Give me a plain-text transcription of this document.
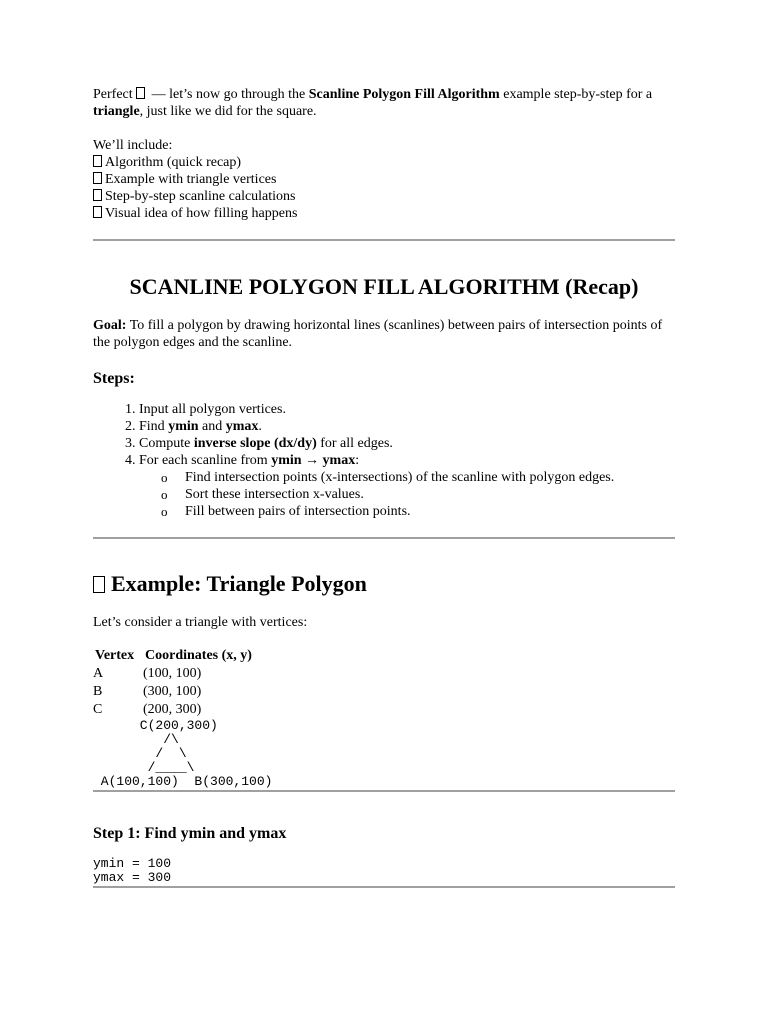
Perfect  — let’s now go through the Scanline Polygon Fill Algorithm example step-by-step for a triangle, just like we did for the square.

We’ll include:

Algorithm (quick recap)
Example with triangle vertices
Step-by-step scanline calculations
Visual idea of how filling happens
SCANLINE POLYGON FILL ALGORITHM (Recap)

Goal: To fill a polygon by drawing horizontal lines (scanlines) between pairs of intersection points of the polygon edges and the scanline.

Steps:
1. Input all polygon vertices.
2. Find ymin and ymax.
3. Compute inverse slope (dx/dy) for all edges.
4. For each scanline from ymin → ymax:
o Find intersection points (x-intersections) of the scanline with polygon edges.
o Sort these intersection x-values.
o Fill between pairs of intersection points.
Example: Triangle Polygon

Let’s consider a triangle with vertices:

Vertex	Coordinates (x, y)
A	(100, 100)
B	(300, 100)
C	(200, 300)
C(200,300)
/\
/  \
/____\
A(100,100)  B(300,100)
Step 1: Find ymin and ymax
ymin = 100
ymax = 300
